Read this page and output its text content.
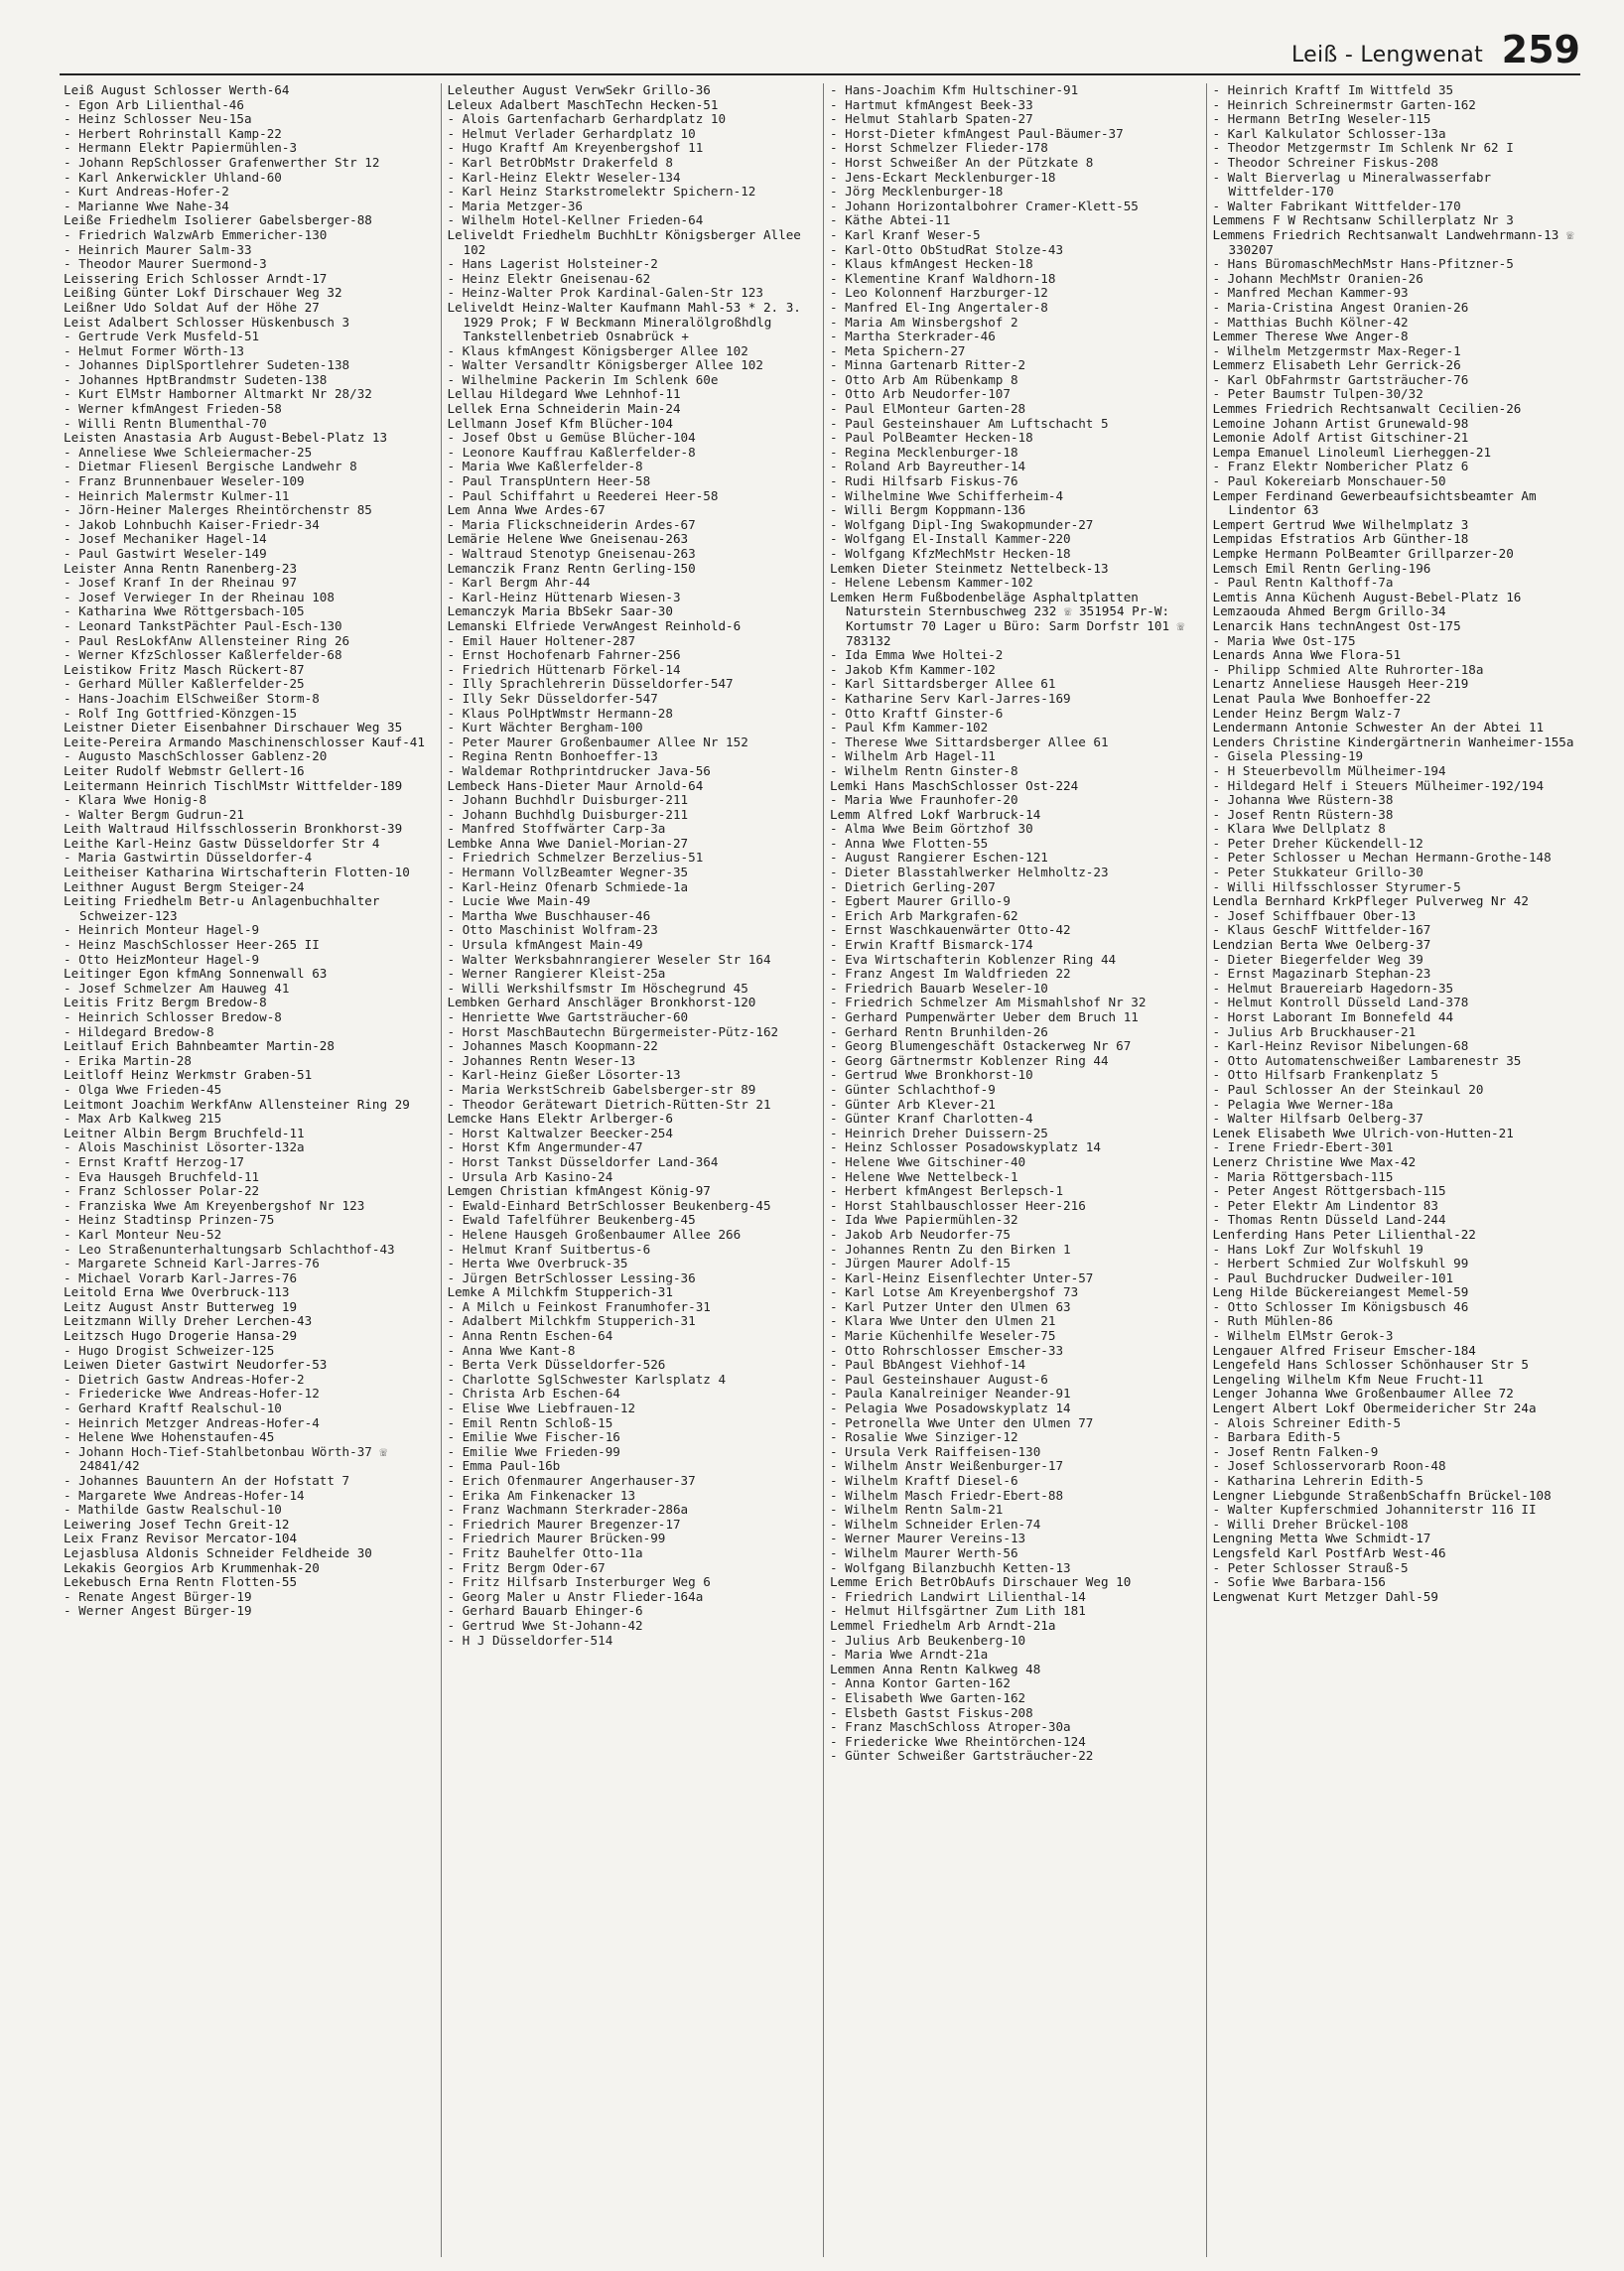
Leiß - Lengwenat 259

Leiß August Schlosser Werth-64

- Egon Arb Lilienthal-46

- Heinz Schlosser Neu-15a

- Herbert Rohrinstall Kamp-22

- Hermann Elektr Papiermühlen-3

- Johann RepSchlosser Grafenwerther Str 12

- Karl Ankerwickler Uhland-60

- Kurt Andreas-Hofer-2

- Marianne Wwe Nahe-34

Leiße Friedhelm Isolierer Gabelsberger-88

- Friedrich WalzwArb Emmericher-130

- Heinrich Maurer Salm-33

- Theodor Maurer Suermond-3

Leissering Erich Schlosser Arndt-17

Leißing Günter Lokf Dirschauer Weg 32

Leißner Udo Soldat Auf der Höhe 27

Leist Adalbert Schlosser Hüskenbusch 3

- Gertrude Verk Musfeld-51

- Helmut Former Wörth-13

- Johannes DiplSportlehrer Sudeten-138

- Johannes HptBrandmstr Sudeten-138

- Kurt ElMstr Hamborner Altmarkt Nr 28/32

- Werner kfmAngest Frieden-58

- Willi Rentn Blumenthal-70

Leisten Anastasia Arb August-Bebel-Platz 13

- Anneliese Wwe Schleiermacher-25

- Dietmar Fliesenl Bergische Landwehr 8

- Franz Brunnenbauer Weseler-109

- Heinrich Malermstr Kulmer-11

- Jörn-Heiner Malerges Rheintörchenstr 85

- Jakob Lohnbuchh Kaiser-Friedr-34

- Josef Mechaniker Hagel-14

- Paul Gastwirt Weseler-149

Leister Anna Rentn Ranenberg-23

- Josef Kranf In der Rheinau 97

- Josef Verwieger In der Rheinau 108

- Katharina Wwe Röttgersbach-105

- Leonard TankstPächter Paul-Esch-130

- Paul ResLokfAnw Allensteiner Ring 26

- Werner KfzSchlosser Kaßlerfelder-68

Leistikow Fritz Masch Rückert-87

- Gerhard Müller Kaßlerfelder-25

- Hans-Joachim ElSchweißer Storm-8

- Rolf Ing Gottfried-Könzgen-15

Leistner Dieter Eisenbahner Dirschauer Weg 35

Leite-Pereira Armando Maschinenschlosser Kauf-41

- Augusto MaschSchlosser Gablenz-20

Leiter Rudolf Webmstr Gellert-16

Leitermann Heinrich TischlMstr Wittfelder-189

- Klara Wwe Honig-8

- Walter Bergm Gudrun-21

Leith Waltraud Hilfsschlosserin Bronkhorst-39

Leithe Karl-Heinz Gastw Düsseldorfer Str 4

- Maria Gastwirtin Düsseldorfer-4

Leitheiser Katharina Wirtschafterin Flotten-10

Leithner August Bergm Steiger-24

Leiting Friedhelm Betr-u Anlagenbuchhalter Schweizer-123

- Heinrich Monteur Hagel-9

- Heinz MaschSchlosser Heer-265 II

- Otto HeizMonteur Hagel-9

Leitinger Egon kfmAng Sonnenwall 63

- Josef Schmelzer Am Hauweg 41

Leitis Fritz Bergm Bredow-8

- Heinrich Schlosser Bredow-8

- Hildegard Bredow-8

Leitlauf Erich Bahnbeamter Martin-28

- Erika Martin-28

Leitloff Heinz Werkmstr Graben-51

- Olga Wwe Frieden-45

Leitmont Joachim WerkfAnw Allensteiner Ring 29

- Max Arb Kalkweg 215

Leitner Albin Bergm Bruchfeld-11

- Alois Maschinist Lösorter-132a

- Ernst Kraftf Herzog-17

- Eva Hausgeh Bruchfeld-11

- Franz Schlosser Polar-22

- Franziska Wwe Am Kreyenbergshof Nr 123

- Heinz Stadtinsp Prinzen-75

- Karl Monteur Neu-52

- Leo Straßenunterhaltungsarb Schlachthof-43

- Margarete Schneid Karl-Jarres-76

- Michael Vorarb Karl-Jarres-76

Leitold Erna Wwe Overbruck-113

Leitz August Anstr Butterweg 19

Leitzmann Willy Dreher Lerchen-43

Leitzsch Hugo Drogerie Hansa-29

- Hugo Drogist Schweizer-125

Leiwen Dieter Gastwirt Neudorfer-53

- Dietrich Gastw Andreas-Hofer-2

- Friedericke Wwe Andreas-Hofer-12

- Gerhard Kraftf Realschul-10

- Heinrich Metzger Andreas-Hofer-4

- Helene Wwe Hohenstaufen-45

- Johann Hoch-Tief-Stahlbetonbau Wörth-37 ☏ 24841/42

- Johannes Bauuntern An der Hofstatt 7

- Margarete Wwe Andreas-Hofer-14

- Mathilde Gastw Realschul-10

Leiwering Josef Techn Greit-12

Leix Franz Revisor Mercator-104

Lejasblusa Aldonis Schneider Feldheide 30

Lekakis Georgios Arb Krummenhak-20

Lekebusch Erna Rentn Flotten-55

- Renate Angest Bürger-19

- Werner Angest Bürger-19

Leleuther August VerwSekr Grillo-36

Leleux Adalbert MaschTechn Hecken-51

- Alois Gartenfacharb Gerhardplatz 10

- Helmut Verlader Gerhardplatz 10

- Hugo Kraftf Am Kreyenbergshof 11

- Karl BetrObMstr Drakerfeld 8

- Karl-Heinz Elektr Weseler-134

- Karl Heinz Starkstromelektr Spichern-12

- Maria Metzger-36

- Wilhelm Hotel-Kellner Frieden-64

Leliveldt Friedhelm BuchhLtr Königsberger Allee 102

- Hans Lagerist Holsteiner-2

- Heinz Elektr Gneisenau-62

- Heinz-Walter Prok Kardinal-Galen-Str 123

Leliveldt Heinz-Walter Kaufmann Mahl-53 * 2. 3. 1929 Prok; F W Beckmann Mineralölgroßhdlg Tankstellenbetrieb Osnabrück +

- Klaus kfmAngest Königsberger Allee 102

- Walter Versandltr Königsberger Allee 102

- Wilhelmine Packerin Im Schlenk 60e

Lellau Hildegard Wwe Lehnhof-11

Lellek Erna Schneiderin Main-24

Lellmann Josef Kfm Blücher-104

- Josef Obst u Gemüse Blücher-104

- Leonore Kauffrau Kaßlerfelder-8

- Maria Wwe Kaßlerfelder-8

- Paul TranspUntern Heer-58

- Paul Schiffahrt u Reederei Heer-58

Lem Anna Wwe Ardes-67

- Maria Flickschneiderin Ardes-67

Lemärie Helene Wwe Gneisenau-263

- Waltraud Stenotyp Gneisenau-263

Lemanczik Franz Rentn Gerling-150

- Karl Bergm Ahr-44

- Karl-Heinz Hüttenarb Wiesen-3

Lemanczyk Maria BbSekr Saar-30

Lemanski Elfriede VerwAngest Reinhold-6

- Emil Hauer Holtener-287

- Ernst Hochofenarb Fahrner-256

- Friedrich Hüttenarb Förkel-14

- Illy Sprachlehrerin Düsseldorfer-547

- Illy Sekr Düsseldorfer-547

- Klaus PolHptWmstr Hermann-28

- Kurt Wächter Bergham-100

- Peter Maurer Großenbaumer Allee Nr 152

- Regina Rentn Bonhoeffer-13

- Waldemar Rothprintdrucker Java-56

Lembeck Hans-Dieter Maur Arnold-64

- Johann Buchhdlr Duisburger-211

- Johann Buchhdlg Duisburger-211

- Manfred Stoffwärter Carp-3a

Lembke Anna Wwe Daniel-Morian-27

- Friedrich Schmelzer Berzelius-51

- Hermann VollzBeamter Wegner-35

- Karl-Heinz Ofenarb Schmiede-1a

- Lucie Wwe Main-49

- Martha Wwe Buschhauser-46

- Otto Maschinist Wolfram-23

- Ursula kfmAngest Main-49

- Walter Werksbahnrangierer Weseler Str 164

- Werner Rangierer Kleist-25a

- Willi Werkshilfsmstr Im Höschegrund 45

Lembken Gerhard Anschläger Bronkhorst-120

- Henriette Wwe Gartsträucher-60

- Horst MaschBautechn Bürgermeister-Pütz-162

- Johannes Masch Koopmann-22

- Johannes Rentn Weser-13

- Karl-Heinz Gießer Lösorter-13

- Maria WerkstSchreib Gabelsberger-str 89

- Theodor Gerätewart Dietrich-Rütten-Str 21

Lemcke Hans Elektr Arlberger-6

- Horst Kaltwalzer Beecker-254

- Horst Kfm Angermunder-47

- Horst Tankst Düsseldorfer Land-364

- Ursula Arb Kasino-24

Lemgen Christian kfmAngest König-97

- Ewald-Einhard BetrSchlosser Beukenberg-45

- Ewald Tafelführer Beukenberg-45

- Helene Hausgeh Großenbaumer Allee 266

- Helmut Kranf Suitbertus-6

- Herta Wwe Overbruck-35

- Jürgen BetrSchlosser Lessing-36

Lemke A Milchkfm Stupperich-31

- A Milch u Feinkost Franumhofer-31

- Adalbert Milchkfm Stupperich-31

- Anna Rentn Eschen-64

- Anna Wwe Kant-8

- Berta Verk Düsseldorfer-526

- Charlotte SglSchwester Karlsplatz 4

- Christa Arb Eschen-64

- Elise Wwe Liebfrauen-12

- Emil Rentn Schloß-15

- Emilie Wwe Fischer-16

- Emilie Wwe Frieden-99

- Emma Paul-16b

- Erich Ofenmaurer Angerhauser-37

- Erika Am Finkenacker 13

- Franz Wachmann Sterkrader-286a

- Friedrich Maurer Bregenzer-17

- Friedrich Maurer Brücken-99

- Fritz Bauhelfer Otto-11a

- Fritz Bergm Oder-67

- Fritz Hilfsarb Insterburger Weg 6

- Georg Maler u Anstr Flieder-164a

- Gerhard Bauarb Ehinger-6

- Gertrud Wwe St-Johann-42

- H J Düsseldorfer-514

- Hans-Joachim Kfm Hultschiner-91

- Hartmut kfmAngest Beek-33

- Helmut Stahlarb Spaten-27

- Horst-Dieter kfmAngest Paul-Bäumer-37

- Horst Schmelzer Flieder-178

- Horst Schweißer An der Pützkate 8

- Jens-Eckart Mecklenburger-18

- Jörg Mecklenburger-18

- Johann Horizontalbohrer Cramer-Klett-55

- Käthe Abtei-11

- Karl Kranf Weser-5

- Karl-Otto ObStudRat Stolze-43

- Klaus kfmAngest Hecken-18

- Klementine Kranf Waldhorn-18

- Leo Kolonnenf Harzburger-12

- Manfred El-Ing Angertaler-8

- Maria Am Winsbergshof 2

- Martha Sterkrader-46

- Meta Spichern-27

- Minna Gartenarb Ritter-2

- Otto Arb Am Rübenkamp 8

- Otto Arb Neudorfer-107

- Paul ElMonteur Garten-28

- Paul Gesteinshauer Am Luftschacht 5

- Paul PolBeamter Hecken-18

- Regina Mecklenburger-18

- Roland Arb Bayreuther-14

- Rudi Hilfsarb Fiskus-76

- Wilhelmine Wwe Schifferheim-4

- Willi Bergm Koppmann-136

- Wolfgang Dipl-Ing Swakopmunder-27

- Wolfgang El-Install Kammer-220

- Wolfgang KfzMechMstr Hecken-18

Lemken Dieter Steinmetz Nettelbeck-13

- Helene Lebensm Kammer-102

Lemken Herm Fußbodenbeläge Asphaltplatten Naturstein Sternbuschweg 232 ☏ 351954 Pr-W: Kortumstr 70 Lager u Büro: Sarm Dorfstr 101 ☏ 783132

- Ida Emma Wwe Holtei-2

- Jakob Kfm Kammer-102

- Karl Sittardsberger Allee 61

- Katharine Serv Karl-Jarres-169

- Otto Kraftf Ginster-6

- Paul Kfm Kammer-102

- Therese Wwe Sittardsberger Allee 61

- Wilhelm Arb Hagel-11

- Wilhelm Rentn Ginster-8

Lemki Hans MaschSchlosser Ost-224

- Maria Wwe Fraunhofer-20

Lemm Alfred Lokf Warbruck-14

- Alma Wwe Beim Görtzhof 30

- Anna Wwe Flotten-55

- August Rangierer Eschen-121

- Dieter Blasstahlwerker Helmholtz-23

- Dietrich Gerling-207

- Egbert Maurer Grillo-9

- Erich Arb Markgrafen-62

- Ernst Waschkauenwärter Otto-42

- Erwin Kraftf Bismarck-174

- Eva Wirtschafterin Koblenzer Ring 44

- Franz Angest Im Waldfrieden 22

- Friedrich Bauarb Weseler-10

- Friedrich Schmelzer Am Mismahlshof Nr 32

- Gerhard Pumpenwärter Ueber dem Bruch 11

- Gerhard Rentn Brunhilden-26

- Georg Blumengeschäft Ostackerweg Nr 67

- Georg Gärtnermstr Koblenzer Ring 44

- Gertrud Wwe Bronkhorst-10

- Günter Schlachthof-9

- Günter Arb Klever-21

- Günter Kranf Charlotten-4

- Heinrich Dreher Duissern-25

- Heinz Schlosser Posadowskyplatz 14

- Helene Wwe Gitschiner-40

- Helene Wwe Nettelbeck-1

- Herbert kfmAngest Berlepsch-1

- Horst Stahlbauschlosser Heer-216

- Ida Wwe Papiermühlen-32

- Jakob Arb Neudorfer-75

- Johannes Rentn Zu den Birken 1

- Jürgen Maurer Adolf-15

- Karl-Heinz Eisenflechter Unter-57

- Karl Lotse Am Kreyenbergshof 73

- Karl Putzer Unter den Ulmen 63

- Klara Wwe Unter den Ulmen 21

- Marie Küchenhilfe Weseler-75

- Otto Rohrschlosser Emscher-33

- Paul BbAngest Viehhof-14

- Paul Gesteinshauer August-6

- Paula Kanalreiniger Neander-91

- Pelagia Wwe Posadowskyplatz 14

- Petronella Wwe Unter den Ulmen 77

- Rosalie Wwe Sinziger-12

- Ursula Verk Raiffeisen-130

- Wilhelm Anstr Weißenburger-17

- Wilhelm Kraftf Diesel-6

- Wilhelm Masch Friedr-Ebert-88

- Wilhelm Rentn Salm-21

- Wilhelm Schneider Erlen-74

- Werner Maurer Vereins-13

- Wilhelm Maurer Werth-56

- Wolfgang Bilanzbuchh Ketten-13

Lemme Erich BetrObAufs Dirschauer Weg 10

- Friedrich Landwirt Lilienthal-14

- Helmut Hilfsgärtner Zum Lith 181

Lemmel Friedhelm Arb Arndt-21a

- Julius Arb Beukenberg-10

- Maria Wwe Arndt-21a

Lemmen Anna Rentn Kalkweg 48

- Anna Kontor Garten-162

- Elisabeth Wwe Garten-162

- Elsbeth Gastst Fiskus-208

- Franz MaschSchloss Atroper-30a

- Friedericke Wwe Rheintörchen-124

- Günter Schweißer Gartsträucher-22

- Heinrich Kraftf Im Wittfeld 35

- Heinrich Schreinermstr Garten-162

- Hermann BetrIng Weseler-115

- Karl Kalkulator Schlosser-13a

- Theodor Metzgermstr Im Schlenk Nr 62 I

- Theodor Schreiner Fiskus-208

- Walt Bierverlag u Mineralwasserfabr Wittfelder-170

- Walter Fabrikant Wittfelder-170

Lemmens F W Rechtsanw Schillerplatz Nr 3

Lemmens Friedrich Rechtsanwalt Landwehrmann-13 ☏ 330207

- Hans BüromaschMechMstr Hans-Pfitzner-5

- Johann MechMstr Oranien-26

- Manfred Mechan Kammer-93

- Maria-Cristina Angest Oranien-26

- Matthias Buchh Kölner-42

Lemmer Therese Wwe Anger-8

- Wilhelm Metzgermstr Max-Reger-1

Lemmerz Elisabeth Lehr Gerrick-26

- Karl ObFahrmstr Gartsträucher-76

- Peter Baumstr Tulpen-30/32

Lemmes Friedrich Rechtsanwalt Cecilien-26

Lemoine Johann Artist Grunewald-98

Lemonie Adolf Artist Gitschiner-21

Lempa Emanuel Linoleuml Lierheggen-21

- Franz Elektr Nombericher Platz 6

- Paul Kokereiarb Monschauer-50

Lemper Ferdinand Gewerbeaufsichtsbeamter Am Lindentor 63

Lempert Gertrud Wwe Wilhelmplatz 3

Lempidas Efstratios Arb Günther-18

Lempke Hermann PolBeamter Grillparzer-20

Lemsch Emil Rentn Gerling-196

- Paul Rentn Kalthoff-7a

Lemtis Anna Küchenh August-Bebel-Platz 16

Lemzaouda Ahmed Bergm Grillo-34

Lenarcik Hans technAngest Ost-175

- Maria Wwe Ost-175

Lenards Anna Wwe Flora-51

- Philipp Schmied Alte Ruhrorter-18a

Lenartz Anneliese Hausgeh Heer-219

Lenat Paula Wwe Bonhoeffer-22

Lender Heinz Bergm Walz-7

Lendermann Antonie Schwester An der Abtei 11

Lenders Christine Kindergärtnerin Wanheimer-155a

- Gisela Plessing-19

- H Steuerbevollm Mülheimer-194

- Hildegard Helf i Steuers Mülheimer-192/194

- Johanna Wwe Rüstern-38

- Josef Rentn Rüstern-38

- Klara Wwe Dellplatz 8

- Peter Dreher Kückendell-12

- Peter Schlosser u Mechan Hermann-Grothe-148

- Peter Stukkateur Grillo-30

- Willi Hilfsschlosser Styrumer-5

Lendla Bernhard KrkPfleger Pulverweg Nr 42

- Josef Schiffbauer Ober-13

- Klaus GeschF Wittfelder-167

Lendzian Berta Wwe Oelberg-37

- Dieter Biegerfelder Weg 39

- Ernst Magazinarb Stephan-23

- Helmut Brauereiarb Hagedorn-35

- Helmut Kontroll Düsseld Land-378

- Horst Laborant Im Bonnefeld 44

- Julius Arb Bruckhauser-21

- Karl-Heinz Revisor Nibelungen-68

- Otto Automatenschweißer Lambarenestr 35

- Otto Hilfsarb Frankenplatz 5

- Paul Schlosser An der Steinkaul 20

- Pelagia Wwe Werner-18a

- Walter Hilfsarb Oelberg-37

Lenek Elisabeth Wwe Ulrich-von-Hutten-21

- Irene Friedr-Ebert-301

Lenerz Christine Wwe Max-42

- Maria Röttgersbach-115

- Peter Angest Röttgersbach-115

- Peter Elektr Am Lindentor 83

- Thomas Rentn Düsseld Land-244

Lenferding Hans Peter Lilienthal-22

- Hans Lokf Zur Wolfskuhl 19

- Herbert Schmied Zur Wolfskuhl 99

- Paul Buchdrucker Dudweiler-101

Leng Hilde Bückereiangest Memel-59

- Otto Schlosser Im Königsbusch 46

- Ruth Mühlen-86

- Wilhelm ElMstr Gerok-3

Lengauer Alfred Friseur Emscher-184

Lengefeld Hans Schlosser Schönhauser Str 5

Lengeling Wilhelm Kfm Neue Frucht-11

Lenger Johanna Wwe Großenbaumer Allee 72

Lengert Albert Lokf Obermeidericher Str 24a

- Alois Schreiner Edith-5

- Barbara Edith-5

- Josef Rentn Falken-9

- Josef Schlosservorarb Roon-48

- Katharina Lehrerin Edith-5

Lengner Liebgunde StraßenbSchaffn Brückel-108

- Walter Kupferschmied Johanniterstr 116 II

- Willi Dreher Brückel-108

Lengning Metta Wwe Schmidt-17

Lengsfeld Karl PostfArb West-46

- Peter Schlosser Strauß-5

- Sofie Wwe Barbara-156

Lengwenat Kurt Metzger Dahl-59
